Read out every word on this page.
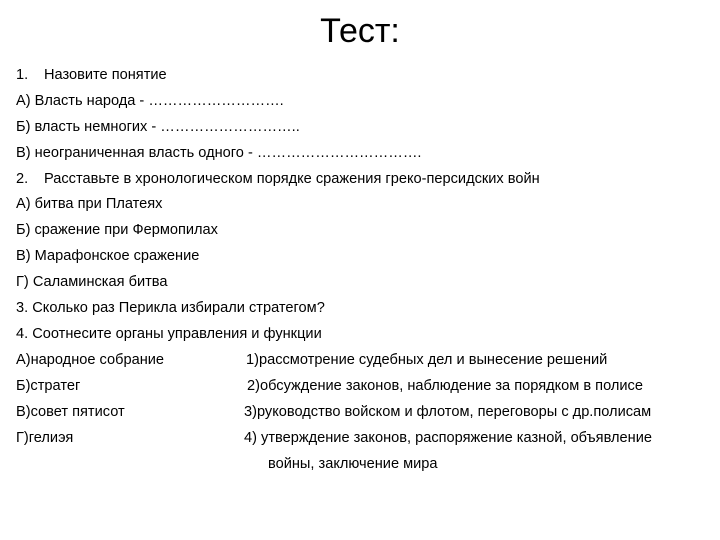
Тест:
1. Назовите понятие
А) Власть народа - ……………………….
Б) власть немногих - ………………………..
В) неограниченная власть одного - …………………………….
2. Расставьте в хронологическом порядке сражения греко-персидских войн
А) битва при Платеях
Б) сражение при Фермопилах
В) Марафонское сражение
Г) Саламинская битва
3. Сколько раз Перикла избирали стратегом?
4. Соотнесите органы управления и функции
А)народное собрание	1)рассмотрение судебных дел и вынесение решений
Б)стратег	2)обсуждение законов, наблюдение за порядком в полисе
В)совет пятисот	3)руководство войском и флотом, переговоры с др.полисам
Г)гелиэя	4) утверждение законов, распоряжение казной, объявление
войны, заключение мира
